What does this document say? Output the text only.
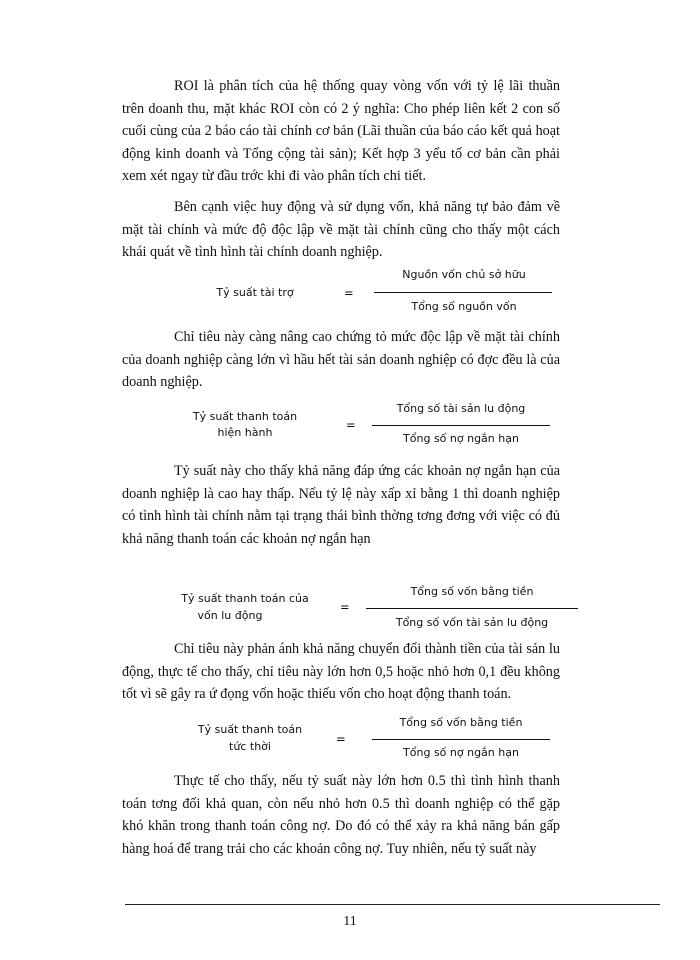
ROI là phân tích của hệ thống quay vòng vốn với tỷ lệ lãi thuần trên doanh thu, mặt khác ROI còn có 2 ý nghĩa: Cho phép liên kết 2 con số cuối cùng của 2 báo cáo tài chính cơ bản (Lãi thuần của báo cáo kết quả hoạt động kinh doanh và Tổng cộng tài sản); Kết hợp 3 yếu tố cơ bản cần phải xem xét ngay từ đầu trớc khi đi vào phân tích chi tiết.

Bên cạnh việc huy động và sử dụng vốn, khả năng tự bảo đảm về mặt tài chính và mức độ độc lập về mặt tài chính cũng cho thấy một cách khái quát về tình hình tài chính doanh nghiệp.

Tỷ suất tài trợ	=
Nguồn vốn chủ sở hữu
Tổng số nguồn vốn

Chỉ tiêu này càng nâng cao chứng tỏ mức độc lập về mặt tài chính của doanh nghiệp càng lớn vì hầu hết tài sản doanh nghiệp có đợc đều là của doanh nghiệp.

Tỷ suất thanh toán
hiện hành
=
Tổng số tài sản lu động
Tổng số nợ ngắn hạn

Tỷ suất này cho thấy khả năng đáp ứng các khoản nợ ngắn hạn của doanh nghiệp là cao hay thấp. Nếu tỷ lệ này xấp xỉ bằng 1 thì doanh nghiệp có tình hình tài chính nằm tại trạng thái bình thờng tơng đơng với việc có đủ khả năng thanh toán các khoản nợ ngắn hạn

Tỷ suất thanh toán của
vốn lu động
=
Tổng số vốn bằng tiền
Tổng số vốn tài sản lu động

Chỉ tiêu này phản ánh khả năng chuyển đổi thành tiền của tài sản lu động, thực tế cho thấy, chỉ tiêu này lớn hơn 0,5 hoặc nhỏ hơn 0,1 đều không tốt vì sẽ gây ra ứ đọng vốn hoặc thiếu vốn cho hoạt động thanh toán.

Tỷ suất thanh toán
tức thời
=
Tổng số vốn bằng tiền
Tổng số nợ ngắn hạn

Thực tế cho thấy, nếu tỷ suất này lớn hơn 0.5 thì tình hình thanh toán tơng đối khả quan, còn nếu nhỏ hơn 0.5 thì doanh nghiệp có thể gặp khó khăn trong thanh toán công nợ. Do đó có thể xảy ra khả năng bán gấp hàng hoá để trang trải cho các khoản công nợ. Tuy nhiên, nếu tỷ suất này

11
